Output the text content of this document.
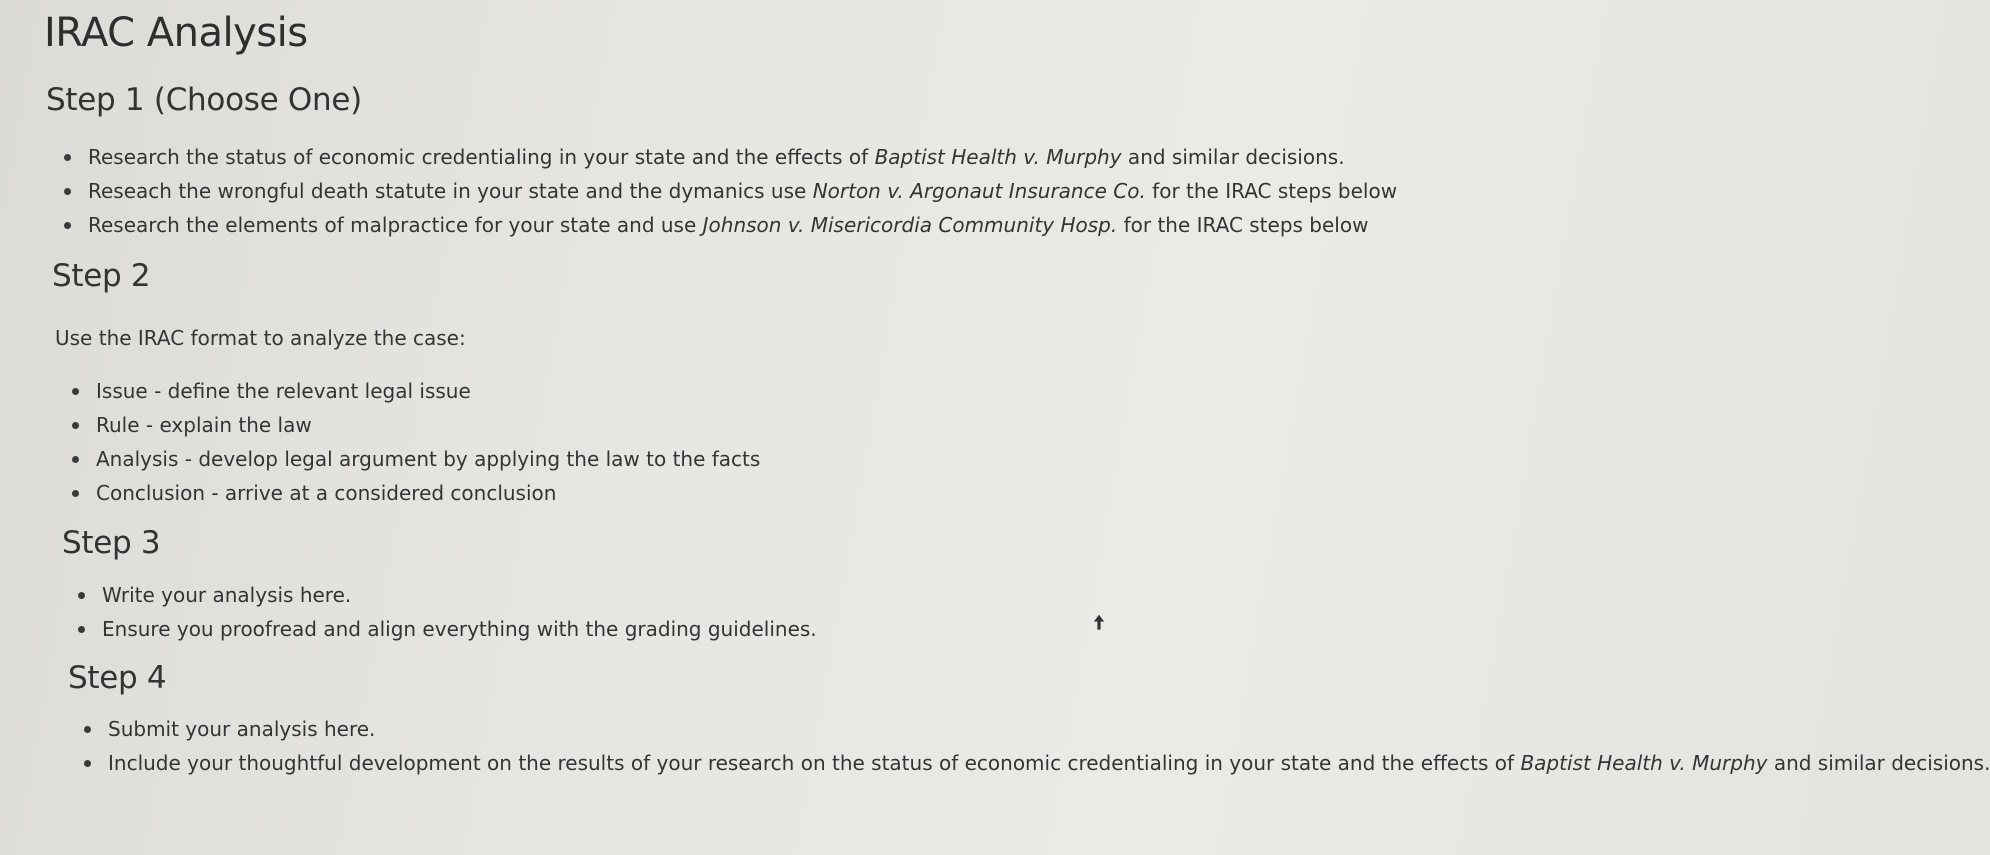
IRAC Analysis
Step 1 (Choose One)
Research the status of economic credentialing in your state and the effects of Baptist Health v. Murphy and similar decisions.
Reseach the wrongful death statute in your state and the dymanics use Norton v. Argonaut Insurance Co. for the IRAC steps below
Research the elements of malpractice for your state and use Johnson v. Misericordia Community Hosp. for the IRAC steps below
Step 2

Use the IRAC format to analyze the case:

Issue - define the relevant legal issue
Rule - explain the law
Analysis - develop legal argument by applying the law to the facts
Conclusion - arrive at a considered conclusion
Step 3
Write your analysis here.
Ensure you proofread and align everything with the grading guidelines.
Step 4
Submit your analysis here.
Include your thoughtful development on the results of your research on the status of economic credentialing in your state and the effects of Baptist Health v. Murphy and similar decisions.
